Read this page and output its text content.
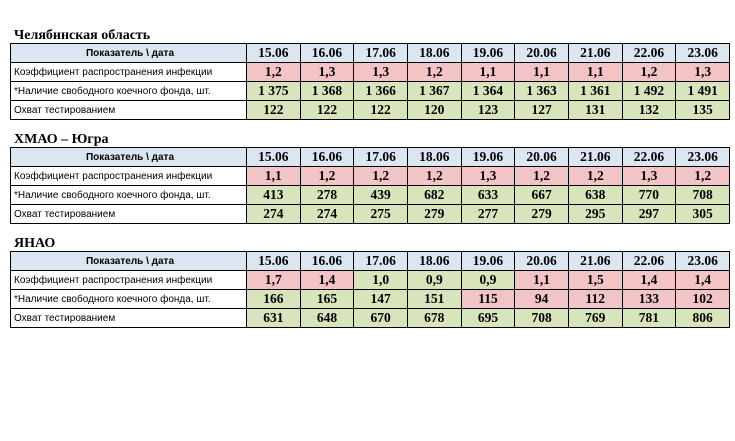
Челябинская область
Показатель \ дата	15.06	16.06	17.06	18.06	19.06	20.06	21.06	22.06	23.06
Коэффициент распространения инфекции	1,2	1,3	1,3	1,2	1,1	1,1	1,1	1,2	1,3
*Наличие свободного коечного фонда, шт.	1 375	1 368	1 366	1 367	1 364	1 363	1 361	1 492	1 491
Охват тестированием	122	122	122	120	123	127	131	132	135
ХМАО – Югра
Показатель \ дата	15.06	16.06	17.06	18.06	19.06	20.06	21.06	22.06	23.06
Коэффициент распространения инфекции	1,1	1,2	1,2	1,2	1,3	1,2	1,2	1,3	1,2
*Наличие свободного коечного фонда, шт.	413	278	439	682	633	667	638	770	708
Охват тестированием	274	274	275	279	277	279	295	297	305
ЯНАО
Показатель \ дата	15.06	16.06	17.06	18.06	19.06	20.06	21.06	22.06	23.06
Коэффициент распространения инфекции	1,7	1,4	1,0	0,9	0,9	1,1	1,5	1,4	1,4
*Наличие свободного коечного фонда, шт.	166	165	147	151	115	94	112	133	102
Охват тестированием	631	648	670	678	695	708	769	781	806
